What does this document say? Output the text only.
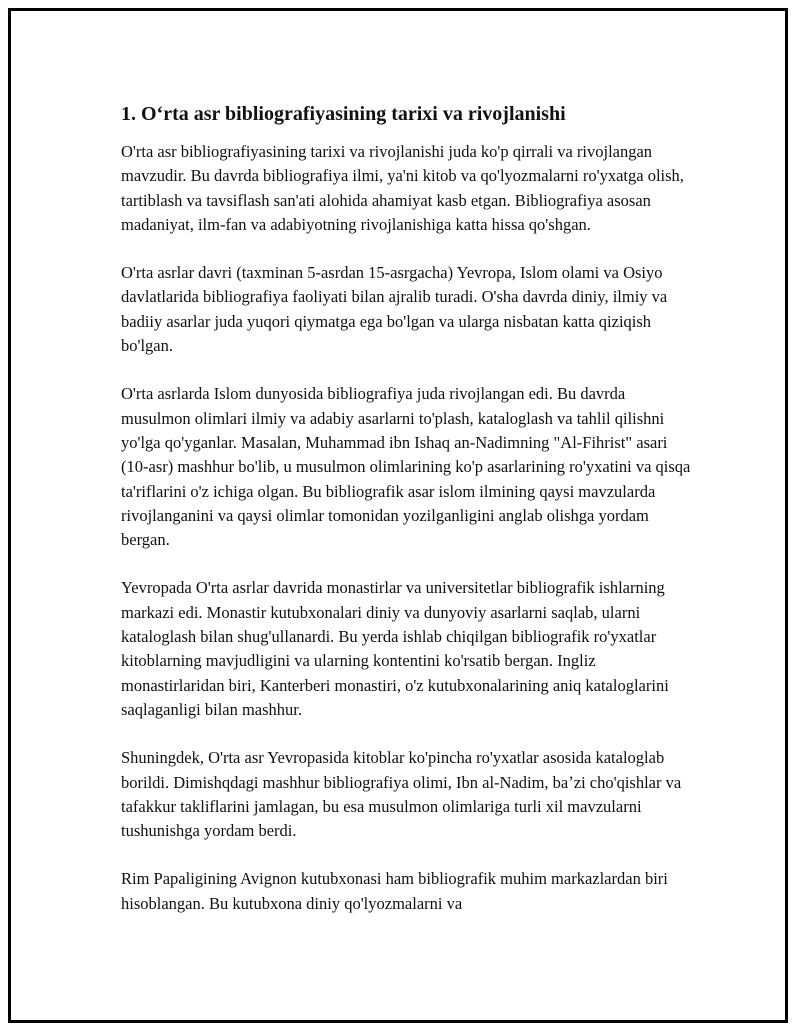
1. Oʻrta asr bibliografiyasining tarixi va rivojlanishi

O'rta asr bibliografiyasining tarixi va rivojlanishi juda ko'p qirrali va rivojlangan mavzudir. Bu davrda bibliografiya ilmi, ya'ni kitob va qo'lyozmalarni ro'yxatga olish, tartiblash va tavsiflash san'ati alohida ahamiyat kasb etgan. Bibliografiya asosan madaniyat, ilm-fan va adabiyotning rivojlanishiga katta hissa qo'shgan.

O'rta asrlar davri (taxminan 5-asrdan 15-asrgacha) Yevropa, Islom olami va Osiyo davlatlarida bibliografiya faoliyati bilan ajralib turadi. O'sha davrda diniy, ilmiy va badiiy asarlar juda yuqori qiymatga ega bo'lgan va ularga nisbatan katta qiziqish bo'lgan.

O'rta asrlarda Islom dunyosida bibliografiya juda rivojlangan edi. Bu davrda musulmon olimlari ilmiy va adabiy asarlarni to'plash, kataloglash va tahlil qilishni yo'lga qo'yganlar. Masalan, Muhammad ibn Ishaq an-Nadimning "Al-Fihrist" asari (10-asr) mashhur bo'lib, u musulmon olimlarining ko'p asarlarining ro'yxatini va qisqa ta'riflarini o'z ichiga olgan. Bu bibliografik asar islom ilmining qaysi mavzularda rivojlanganini va qaysi olimlar tomonidan yozilganligini anglab olishga yordam bergan.

Yevropada O'rta asrlar davrida monastirlar va universitetlar bibliografik ishlarning markazi edi. Monastir kutubxonalari diniy va dunyoviy asarlarni saqlab, ularni kataloglash bilan shug'ullanardi. Bu yerda ishlab chiqilgan bibliografik ro'yxatlar kitoblarning mavjudligini va ularning kontentini ko'rsatib bergan. Ingliz monastirlaridan biri, Kanterberi monastiri, o'z kutubxonalarining aniq kataloglarini saqlaganligi bilan mashhur.

Shuningdek, O'rta asr Yevropasida kitoblar ko'pincha ro'yxatlar asosida kataloglab borildi. Dimishqdagi mashhur bibliografiya olimi, Ibn al-Nadim, baʼzi cho'qishlar va tafakkur takliflarini jamlagan, bu esa musulmon olimlariga turli xil mavzularni tushunishga yordam berdi.

Rim Papaligining Avignon kutubxonasi ham bibliografik muhim markazlardan biri hisoblangan. Bu kutubxona diniy qo'lyozmalarni va
